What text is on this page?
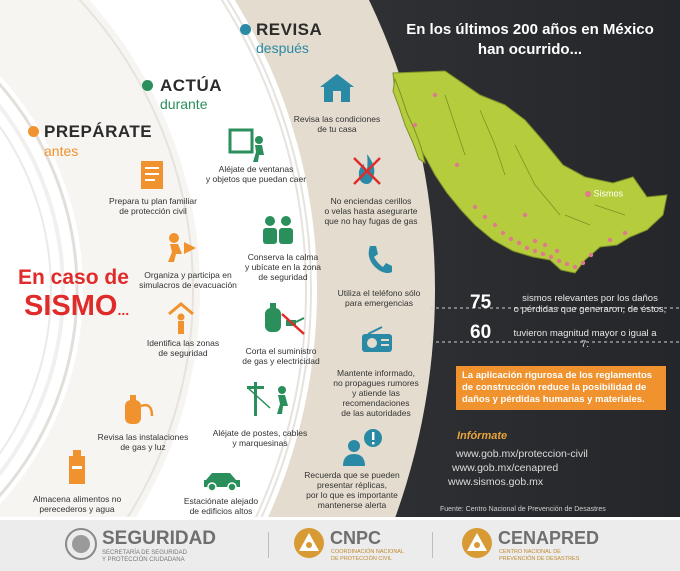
En los últimos 200 años en México
han ocurrido...
Sismos
75	sismos relevantes por los daños
o pérdidas que generaron, de éstos,
60	tuvieron magnitud mayor o igual a 7.
La aplicación rigurosa de los reglamentos
de construcción reduce la posibilidad de
daños y pérdidas humanas y materiales.
Infórmate
www.gob.mx/proteccion-civil
www.gob.mx/cenapred
www.sismos.gob.mx
Fuente: Centro Nacional de Prevención de Desastres
PREPÁRATE
antes
ACTÚA
durante
REVISA
después
En caso de
SISMO...
Prepara tu plan familiar
de protección civil
Organiza y participa en
simulacros de evacuación
Identifica las zonas
de seguridad
Revisa las instalaciones
de gas y luz
Almacena alimentos no
perecederos y agua
Aléjate de ventanas
y objetos que puedan caer
Conserva la calma
y ubícate en la zona
de seguridad
Corta el suministro
de gas y electricidad
Aléjate de postes, cables
y marquesinas
Estaciónate alejado
de edificios altos
Revisa las condiciones
de tu casa
No enciendas cerillos
o velas hasta asegurarte
que no hay fugas de gas
Utiliza el teléfono sólo
para emergencias
Mantente informado,
no propagues rumores
y atiende las
recomendaciones
de las autoridades
Recuerda que se pueden
presentar réplicas,
por lo que es importante
mantenerse alerta
SEGURIDAD
SECRETARÍA DE SEGURIDAD
Y PROTECCIÓN CIUDADANA
CNPC
COORDINACIÓN NACIONAL
DE PROTECCIÓN CIVIL
CENAPRED
CENTRO NACIONAL DE
PREVENCIÓN DE DESASTRES
